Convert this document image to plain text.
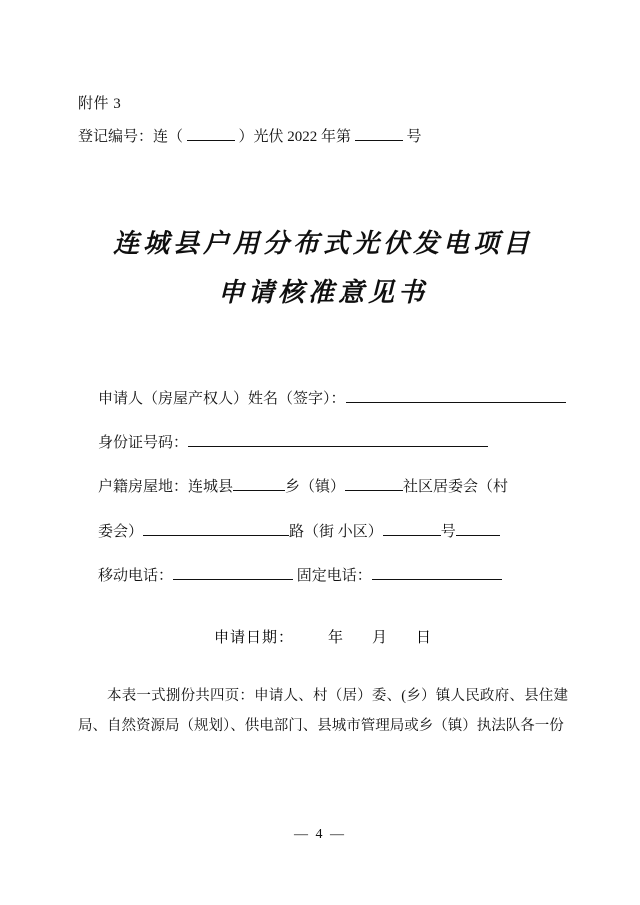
附件 3
登记编号：连（	）光伏 2022 年第	号
连城县户用分布式光伏发电项目
申请核准意见书
申请人（房屋产权人）姓名（签字）：
身份证号码：
户籍房屋地：连城县	乡（镇）	社区居委会（村
委会）	路（街 小区）	号
移动电话：	固定电话：
申请日期： 年 月 日
本表一式捌份共四页：申请人、村（居）委、(乡）镇人民政府、县住建局、自然资源局（规划）、供电部门、县城市管理局或乡（镇）执法队各一份
— 4 —
